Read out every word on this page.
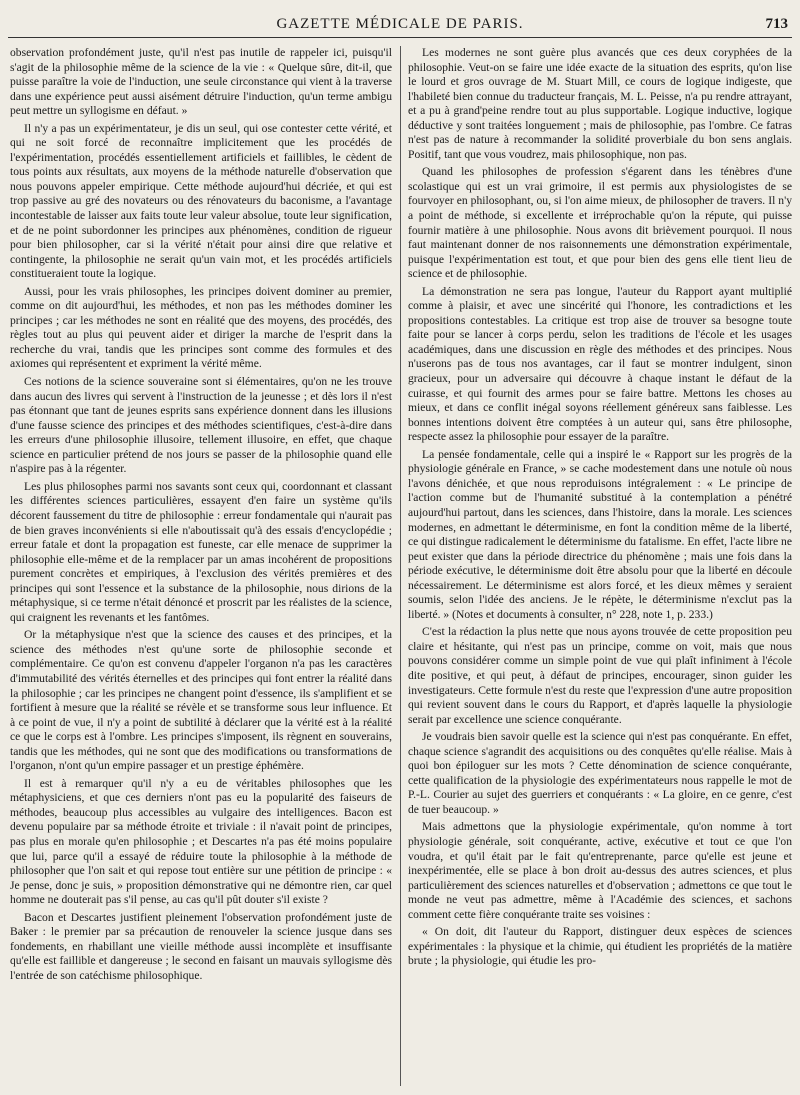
GAZETTE MÉDICALE DE PARIS.	713

observation profondément juste, qu'il n'est pas inutile de rappeler ici, puisqu'il s'agit de la philosophie même de la science de la vie : « Quelque sûre, dit-il, que puisse paraître la voie de l'induction, une seule circonstance qui vient à la traverse dans une expérience peut aussi aisément détruire l'induction, qu'un terme ambigu peut mettre un syllogisme en défaut. »

Il n'y a pas un expérimentateur, je dis un seul, qui ose contester cette vérité, et qui ne soit forcé de reconnaître implicitement que les procédés de l'expérimentation, procédés essentiellement artificiels et faillibles, le cèdent de tous points aux résultats, aux moyens de la méthode naturelle d'observation que nous pouvons appeler empirique. Cette méthode aujourd'hui décriée, et qui est trop passive au gré des novateurs ou des rénovateurs du baconisme, a l'avantage incontestable de laisser aux faits toute leur valeur absolue, toute leur signification, et de ne point subordonner les principes aux phénomènes, condition de rigueur pour bien philosopher, car si la vérité n'était pour ainsi dire que relative et contingente, la philosophie ne serait qu'un vain mot, et les procédés artificiels constitueraient toute la logique.

Aussi, pour les vrais philosophes, les principes doivent dominer au premier, comme on dit aujourd'hui, les méthodes, et non pas les méthodes dominer les principes ; car les méthodes ne sont en réalité que des moyens, des procédés, des règles tout au plus qui peuvent aider et diriger la marche de l'esprit dans la recherche du vrai, tandis que les principes sont comme des formules et des axiomes qui représentent et expriment la vérité même.

Ces notions de la science souveraine sont si élémentaires, qu'on ne les trouve dans aucun des livres qui servent à l'instruction de la jeunesse ; et dès lors il n'est pas étonnant que tant de jeunes esprits sans expérience donnent dans les illusions d'une fausse science des principes et des méthodes scientifiques, c'est-à-dire dans les erreurs d'une philosophie illusoire, tellement illusoire, en effet, que chaque science en particulier prétend de nos jours se passer de la philosophie quand elle n'aspire pas à la régenter.

Les plus philosophes parmi nos savants sont ceux qui, coordonnant et classant les différentes sciences particulières, essayent d'en faire un système qu'ils décorent faussement du titre de philosophie : erreur fondamentale qui n'aurait pas de bien graves inconvénients si elle n'aboutissait qu'à des essais d'encyclopédie ; erreur fatale et dont la propagation est funeste, car elle menace de supprimer la philosophie elle-même et de la remplacer par un amas incohérent de propositions purement concrètes et empiriques, à l'exclusion des vérités premières et des principes qui sont l'essence et la substance de la philosophie, nous dirions de la métaphysique, si ce terme n'était dénoncé et proscrit par les réalistes de la science, qui craignent les revenants et les fantômes.

Or la métaphysique n'est que la science des causes et des principes, et la science des méthodes n'est qu'une sorte de philosophie seconde et complémentaire. Ce qu'on est convenu d'appeler l'organon n'a pas les caractères d'immutabilité des vérités éternelles et des principes qui font entrer la réalité dans la philosophie ; car les principes ne changent point d'essence, ils s'amplifient et se fortifient à mesure que la réalité se révèle et se transforme sous leur influence. Et à ce point de vue, il n'y a point de subtilité à déclarer que la vérité est à la réalité ce que le corps est à l'ombre. Les principes s'imposent, ils règnent en souverains, tandis que les méthodes, qui ne sont que des modifications ou transformations de l'organon, n'ont qu'un empire passager et un prestige éphémère.

Il est à remarquer qu'il n'y a eu de véritables philosophes que les métaphysiciens, et que ces derniers n'ont pas eu la popularité des faiseurs de méthodes, beaucoup plus accessibles au vulgaire des intelligences. Bacon est devenu populaire par sa méthode étroite et triviale : il n'avait point de principes, pas plus en morale qu'en philosophie ; et Descartes n'a pas été moins populaire que lui, parce qu'il a essayé de réduire toute la philosophie à la méthode de philosopher que l'on sait et qui repose tout entière sur une pétition de principe : « Je pense, donc je suis, » proposition démonstrative qui ne démontre rien, car quel homme ne douterait pas s'il pense, au cas qu'il pût douter s'il existe ?

Bacon et Descartes justifient pleinement l'observation profondément juste de Baker : le premier par sa précaution de renouveler la science jusque dans ses fondements, en rhabillant une vieille méthode aussi incomplète et insuffisante qu'elle est faillible et dangereuse ; le second en faisant un mauvais syllogisme dès l'entrée de son catéchisme philosophique.

Les modernes ne sont guère plus avancés que ces deux coryphées de la philosophie. Veut-on se faire une idée exacte de la situation des esprits, qu'on lise le lourd et gros ouvrage de M. Stuart Mill, ce cours de logique indigeste, que l'habileté bien connue du traducteur français, M. L. Peisse, n'a pu rendre attrayant, et a pu à grand'peine rendre tout au plus supportable. Logique inductive, logique déductive y sont traitées longuement ; mais de philosophie, pas l'ombre. Ce fatras n'est pas de nature à recommander la solidité proverbiale du bon sens anglais. Positif, tant que vous voudrez, mais philosophique, non pas.

Quand les philosophes de profession s'égarent dans les ténèbres d'une scolastique qui est un vrai grimoire, il est permis aux physiologistes de se fourvoyer en philosophant, ou, si l'on aime mieux, de philosopher de travers. Il n'y a point de méthode, si excellente et irréprochable qu'on la répute, qui puisse fournir matière à une philosophie. Nous avons dit brièvement pourquoi. Il nous faut maintenant donner de nos raisonnements une démonstration expérimentale, puisque l'expérimentation est tout, et que pour bien des gens elle tient lieu de science et de philosophie.

La démonstration ne sera pas longue, l'auteur du Rapport ayant multiplié comme à plaisir, et avec une sincérité qui l'honore, les contradictions et les propositions contestables. La critique est trop aise de trouver sa besogne toute faite pour se lancer à corps perdu, selon les traditions de l'école et les usages académiques, dans une discussion en règle des méthodes et des principes. Nous n'userons pas de tous nos avantages, car il faut se montrer indulgent, sinon gracieux, pour un adversaire qui découvre à chaque instant le défaut de la cuirasse, et qui fournit des armes pour se faire battre. Mettons les choses au mieux, et dans ce conflit inégal soyons réellement généreux sans faiblesse. Les bonnes intentions doivent être comptées à un auteur qui, sans être philosophe, respecte assez la philosophie pour essayer de la paraître.

La pensée fondamentale, celle qui a inspiré le « Rapport sur les progrès de la physiologie générale en France, » se cache modestement dans une notule où nous l'avons dénichée, et que nous reproduisons intégralement : « Le principe de l'action comme but de l'humanité substitué à la contemplation a pénétré aujourd'hui partout, dans les sciences, dans l'histoire, dans la morale. Les sciences modernes, en admettant le déterminisme, en font la condition même de la liberté, ce qui distingue radicalement le déterminisme du fatalisme. En effet, l'acte libre ne peut exister que dans la période directrice du phénomène ; mais une fois dans la période exécutive, le déterminisme doit être absolu pour que la liberté en découle nécessairement. Le déterminisme est alors forcé, et les dieux mêmes y seraient soumis, selon l'idée des anciens. Je le répète, le déterminisme n'exclut pas la liberté. » (Notes et documents à consulter, n° 228, note 1, p. 233.)

C'est la rédaction la plus nette que nous ayons trouvée de cette proposition peu claire et hésitante, qui n'est pas un principe, comme on voit, mais que nous pouvons considérer comme un simple point de vue qui plaît infiniment à l'école dite positive, et qui peut, à défaut de principes, encourager, sinon guider les investigateurs. Cette formule n'est du reste que l'expression d'une autre proposition qui revient souvent dans le cours du Rapport, et d'après laquelle la physiologie serait par excellence une science conquérante.

Je voudrais bien savoir quelle est la science qui n'est pas conquérante. En effet, chaque science s'agrandit des acquisitions ou des conquêtes qu'elle réalise. Mais à quoi bon épiloguer sur les mots ? Cette dénomination de science conquérante, cette qualification de la physiologie des expérimentateurs nous rappelle le mot de P.-L. Courier au sujet des guerriers et conquérants : « La gloire, en ce genre, c'est de tuer beaucoup. »

Mais admettons que la physiologie expérimentale, qu'on nomme à tort physiologie générale, soit conquérante, active, exécutive et tout ce que l'on voudra, et qu'il était par le fait qu'entreprenante, parce qu'elle est jeune et inexpérimentée, elle se place à bon droit au-dessus des autres sciences, et plus particulièrement des sciences naturelles et d'observation ; admettons ce que tout le monde ne veut pas admettre, même à l'Académie des sciences, et sachons comment cette fière conquérante traite ses voisines :

« On doit, dit l'auteur du Rapport, distinguer deux espèces de sciences expérimentales : la physique et la chimie, qui étudient les propriétés de la matière brute ; la physiologie, qui étudie les pro-
